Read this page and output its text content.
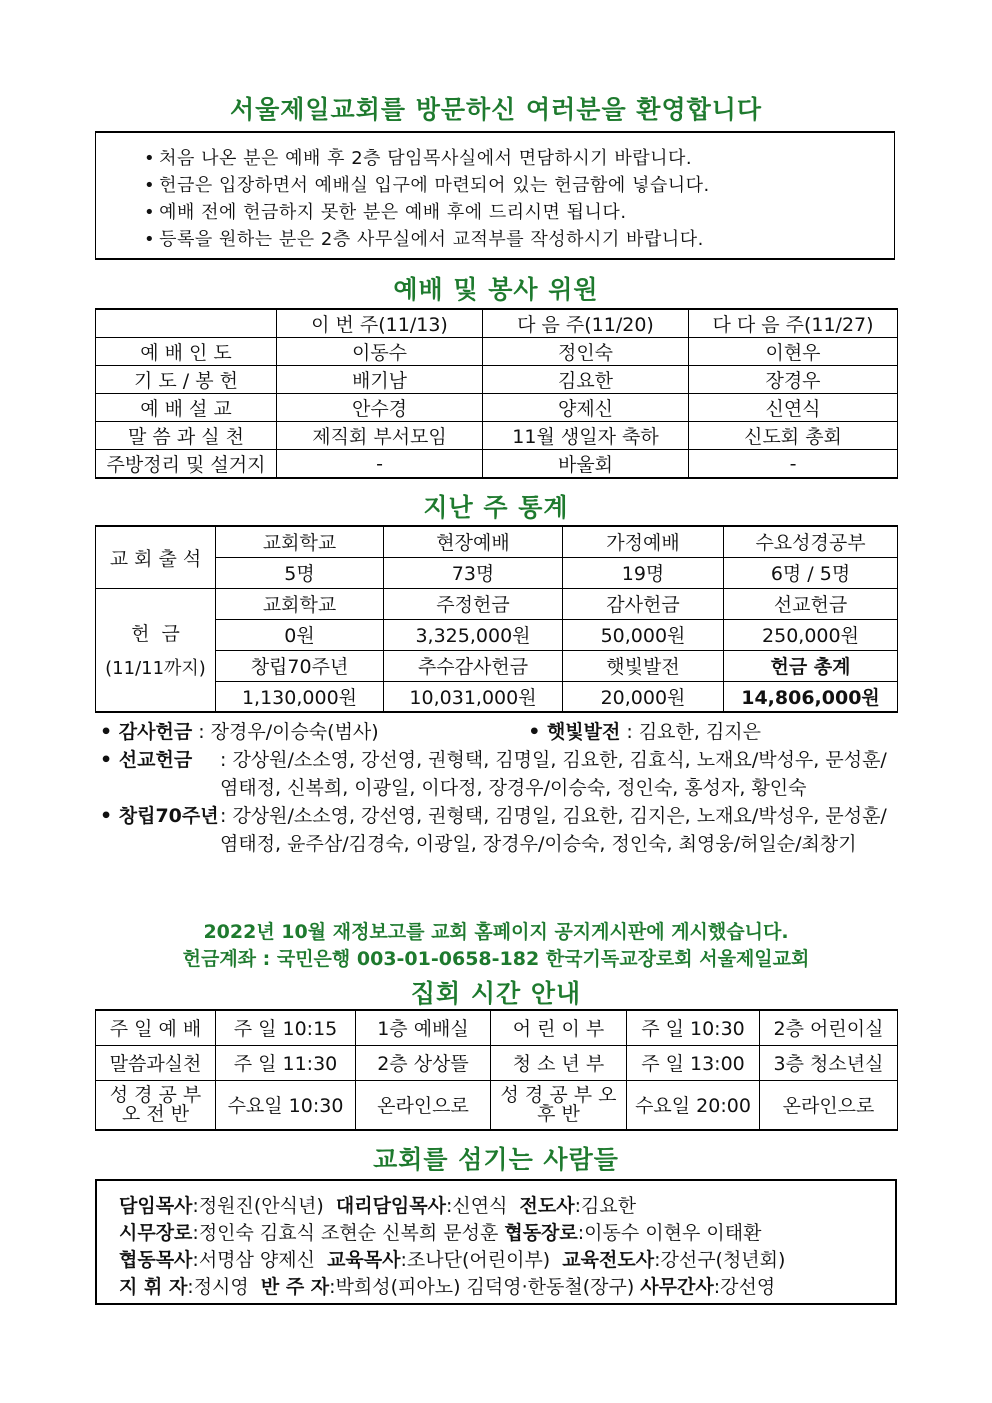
서울제일교회를 방문하신 여러분을 환영합니다
• 처음 나온 분은 예배 후 2층 담임목사실에서 면담하시기 바랍니다.
• 헌금은 입장하면서 예배실 입구에 마련되어 있는 헌금함에 넣습니다.
• 예배 전에 헌금하지 못한 분은 예배 후에 드리시면 됩니다.
• 등록을 원하는 분은 2층 사무실에서 교적부를 작성하시기 바랍니다.
예배 및 봉사 위원
	이 번 주(11/13)	다 음 주(11/20)	다 다 음 주(11/27)
예 배 인 도	이동수	정인숙	이현우
기 도 / 봉 헌	배기남	김요한	장경우
예 배 설 교	안수경	양제신	신연식
말 씀 과 실 천	제직회 부서모임	11월 생일자 축하	신도회 총회
주방정리 및 설거지	-	바울회	-
지난 주 통계
교 회 출 석	교회학교	현장예배	가정예배	수요성경공부
	5명	73명	19명	6명 / 5명

헌  금
(11/11까지)	교회학교	주정헌금	감사헌금	선교헌금
	0원	3,325,000원	50,000원	250,000원
	창립70주년	추수감사헌금	햇빛발전	헌금 총계
	1,130,000원	10,031,000원	20,000원	14,806,000원
• 감사헌금 : 장경우/이승숙(범사)	• 햇빛발전 : 김요한, 김지은
• 선교헌금	: 강상원/소소영, 강선영, 권형택, 김명일, 김요한, 김효식, 노재요/박성우, 문성훈/염태정, 신복희, 이광일, 이다정, 장경우/이승숙, 정인숙, 홍성자, 황인숙
• 창립70주년 : 강상원/소소영, 강선영, 권형택, 김명일, 김요한, 김지은, 노재요/박성우, 문성훈/염태정, 윤주삼/김경숙, 이광일, 장경우/이승숙, 정인숙, 최영웅/허일순/최창기
2022년 10월 재정보고를 교회 홈페이지 공지게시판에 게시했습니다.
헌금계좌 : 국민은행 003-01-0658-182 한국기독교장로회 서울제일교회
집회 시간 안내
주 일 예 배	주 일 10:15	1층 예배실	어 린 이 부	주 일 10:30	2층 어린이실
말씀과실천	주 일 11:30	2층 상상뜰	청 소 년 부	주 일 13:00	3층 청소년실
성 경 공 부 오 전 반	수요일 10:30	온라인으로	성 경 공 부 오 후 반	수요일 20:00	온라인으로
교회를 섬기는 사람들
담임목사:정원진(안식년)  대리담임목사:신연식  전도사:김요한
시무장로:정인숙 김효식 조현순 신복희 문성훈 협동장로:이동수 이현우 이태환
협동목사:서명삼 양제신  교육목사:조나단(어린이부)  교육전도사:강선구(청년회)
지 휘 자:정시영  반 주 자:박희성(피아노) 김덕영·한동철(장구) 사무간사:강선영
